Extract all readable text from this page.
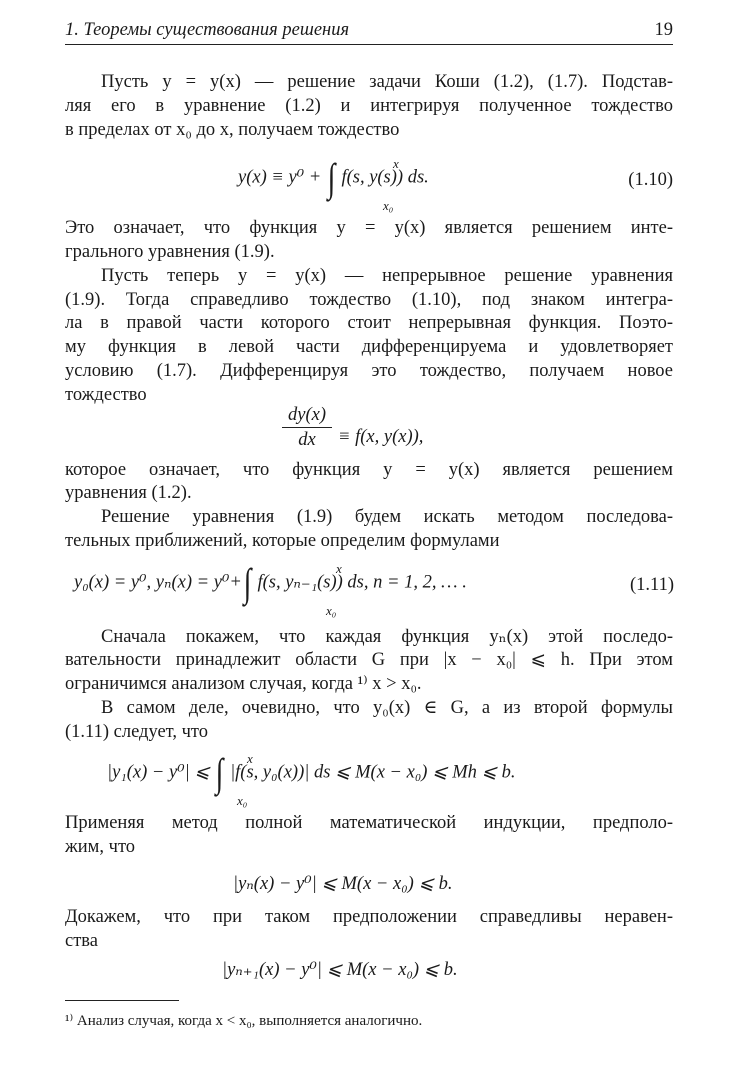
1. Теоремы существования решения	19
Пусть y = y(x) — решение задачи Коши (1.2), (1.7). Подстав-
ляя его в уравнение (1.2) и интегрируя полученное тождество
в пределах от x₀ до x, получаем тождество
y(x) ≡ y⁰ + ∫	x
x₀
f(s, y(s)) ds.	(1.10)
Это означает, что функция y = y(x) является решением инте-
грального уравнения (1.9).
Пусть теперь y = y(x) — непрерывное решение уравнения
(1.9). Тогда справедливо тождество (1.10), под знаком интегра-
ла в правой части которого стоит непрерывная функция. Поэто-
му функция в левой части дифференцируема и удовлетворяет
условию (1.7). Дифференцируя это тождество, получаем новое
тождество
dy(x)
dx	≡ f(x, y(x)),
которое означает, что функция y = y(x) является решением
уравнения (1.2).
Решение уравнения (1.9) будем искать методом последова-
тельных приближений, которые определим формулами
y₀(x) = y⁰, yₙ(x) = y⁰+∫	x
x₀
f(s, yₙ₋₁(s)) ds, n = 1, 2, … .	(1.11)
Сначала покажем, что каждая функция yₙ(x) этой последо-
вательности принадлежит области G при |x − x₀| ⩽ h. При этом
ограничимся анализом случая, когда ¹⁾ x > x₀.
В самом деле, очевидно, что y₀(x) ∈ G, а из второй формулы
(1.11) следует, что
|y₁(x) − y⁰| ⩽ ∫ x
x₀
|f(s, y₀(x))| ds ⩽ M(x − x₀) ⩽ Mh ⩽ b.
Применяя метод полной математической индукции, предполо-
жим, что
|yₙ(x) − y⁰| ⩽ M(x − x₀) ⩽ b.
Докажем, что при таком предположении справедливы неравен-
ства
|yₙ₊₁(x) − y⁰| ⩽ M(x − x₀) ⩽ b.
¹⁾ Анализ случая, когда x < x₀, выполняется аналогично.
